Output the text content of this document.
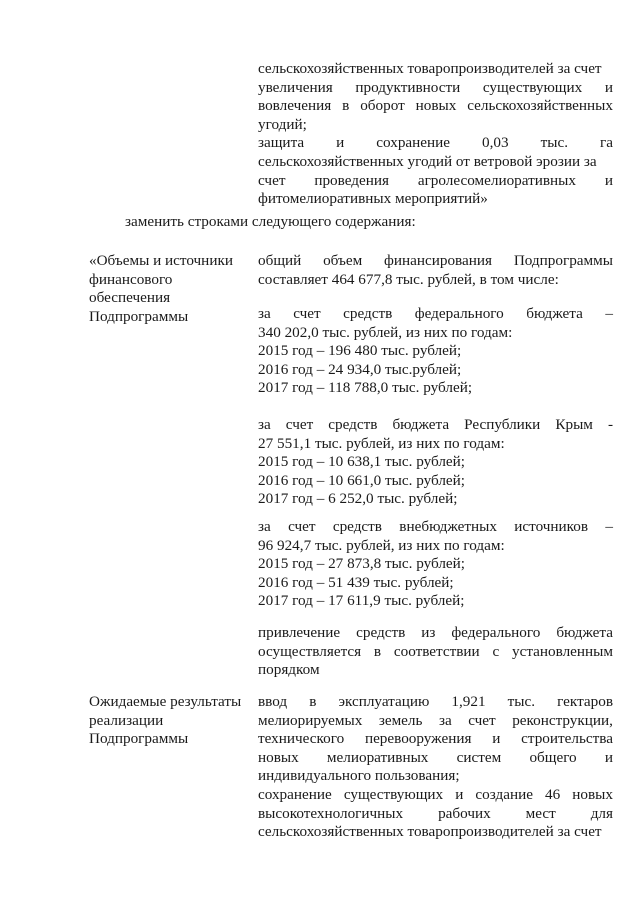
сельскохозяйственных товаропроизводителей за счет
увеличения продуктивности существующих и
вовлечения в оборот новых сельскохозяйственных
угодий;
защита и сохранение 0,03 тыс. га
сельскохозяйственных угодий от ветровой эрозии за
счет проведения агролесомелиоративных и
фитомелиоративных мероприятий»
заменить строками следующего содержания:
«Объемы и источники
финансового
обеспечения
Подпрограммы
общий объем финансирования Подпрограммы
составляет 464 677,8 тыс. рублей, в том числе:
за счет средств федерального бюджета –
340 202,0 тыс. рублей, из них по годам:
2015 год – 196 480 тыс. рублей;
2016 год – 24 934,0 тыс.рублей;
2017 год – 118 788,0 тыс. рублей;
за счет средств бюджета Республики Крым -
27 551,1 тыс. рублей, из них по годам:
2015 год – 10 638,1 тыс. рублей;
2016 год – 10 661,0 тыс. рублей;
2017 год – 6 252,0 тыс. рублей;
за счет средств внебюджетных источников –
96 924,7 тыс. рублей, из них по годам:
2015 год – 27 873,8 тыс. рублей;
2016 год – 51 439 тыс. рублей;
2017 год – 17 611,9 тыс. рублей;
привлечение средств из федерального бюджета
осуществляется в соответствии с установленным
порядком
Ожидаемые результаты
реализации
Подпрограммы
ввод в эксплуатацию 1,921 тыс. гектаров
мелиорируемых земель за счет реконструкции,
технического перевооружения и строительства
новых мелиоративных систем общего и
индивидуального пользования;
сохранение существующих и создание 46 новых
высокотехнологичных рабочих мест для
сельскохозяйственных товаропроизводителей за счет
